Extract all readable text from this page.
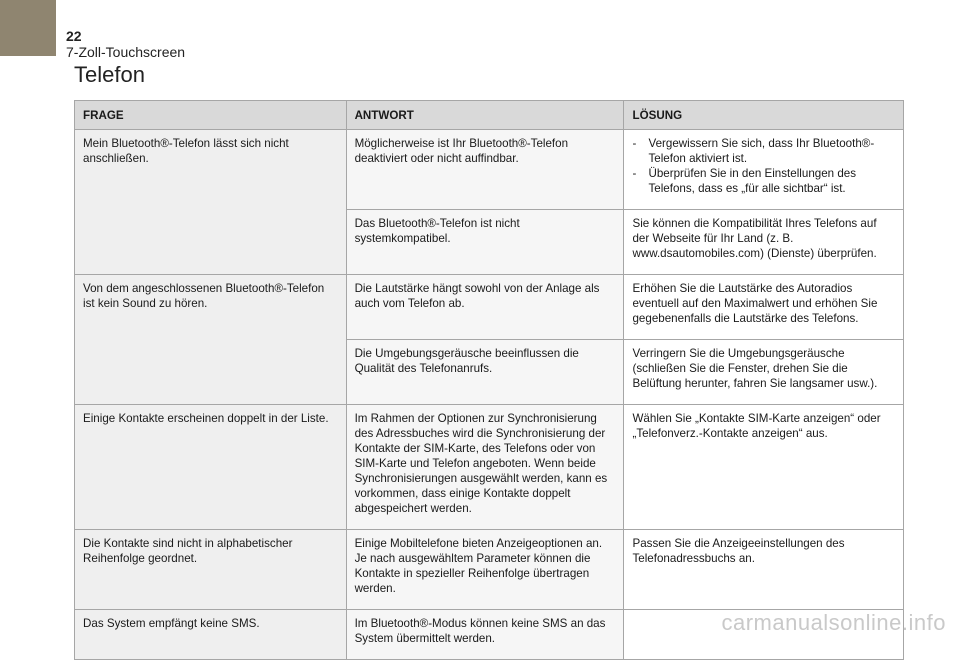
22
7-Zoll-Touchscreen
Telefon
FRAGE	ANTWORT	LÖSUNG
Mein Bluetooth®-Telefon lässt sich nicht anschließen.	Möglicherweise ist Ihr Bluetooth®-Telefon deaktiviert oder nicht auffindbar.	- Vergewissern Sie sich, dass Ihr Bluetooth®-Telefon aktiviert ist.
- Überprüfen Sie in den Einstellungen des Telefons, dass es „für alle sichtbar“ ist.

	Das Bluetooth®-Telefon ist nicht systemkompatibel.	Sie können die Kompatibilität Ihres Telefons auf der Webseite für Ihr Land (z. B. www.dsautomobiles.com) (Dienste) überprüfen.
Von dem angeschlossenen Bluetooth®-Telefon ist kein Sound zu hören.	Die Lautstärke hängt sowohl von der Anlage als auch vom Telefon ab.	Erhöhen Sie die Lautstärke des Autoradios eventuell auf den Maximalwert und erhöhen Sie gegebenenfalls die Lautstärke des Telefons.
	Die Umgebungsgeräusche beeinflussen die Qualität des Telefonanrufs.	Verringern Sie die Umgebungsgeräusche (schließen Sie die Fenster, drehen Sie die Belüftung herunter, fahren Sie langsamer usw.).
Einige Kontakte erscheinen doppelt in der Liste.	Im Rahmen der Optionen zur Synchronisierung des Adressbuches wird die Synchronisierung der Kontakte der SIM-Karte, des Telefons oder von SIM-Karte und Telefon angeboten. Wenn beide Synchronisierungen ausgewählt werden, kann es vorkommen, dass einige Kontakte doppelt abgespeichert werden.	Wählen Sie „Kontakte SIM-Karte anzeigen“ oder „Telefonverz.-Kontakte anzeigen“ aus.
Die Kontakte sind nicht in alphabetischer Reihenfolge geordnet.	Einige Mobiltelefone bieten Anzeigeoptionen an. Je nach ausgewähltem Parameter können die Kontakte in spezieller Reihenfolge übertragen werden.	Passen Sie die Anzeigeeinstellungen des Telefonadressbuchs an.
Das System empfängt keine SMS.	Im Bluetooth®-Modus können keine SMS an das System übermittelt werden.	
carmanualsonline.info
